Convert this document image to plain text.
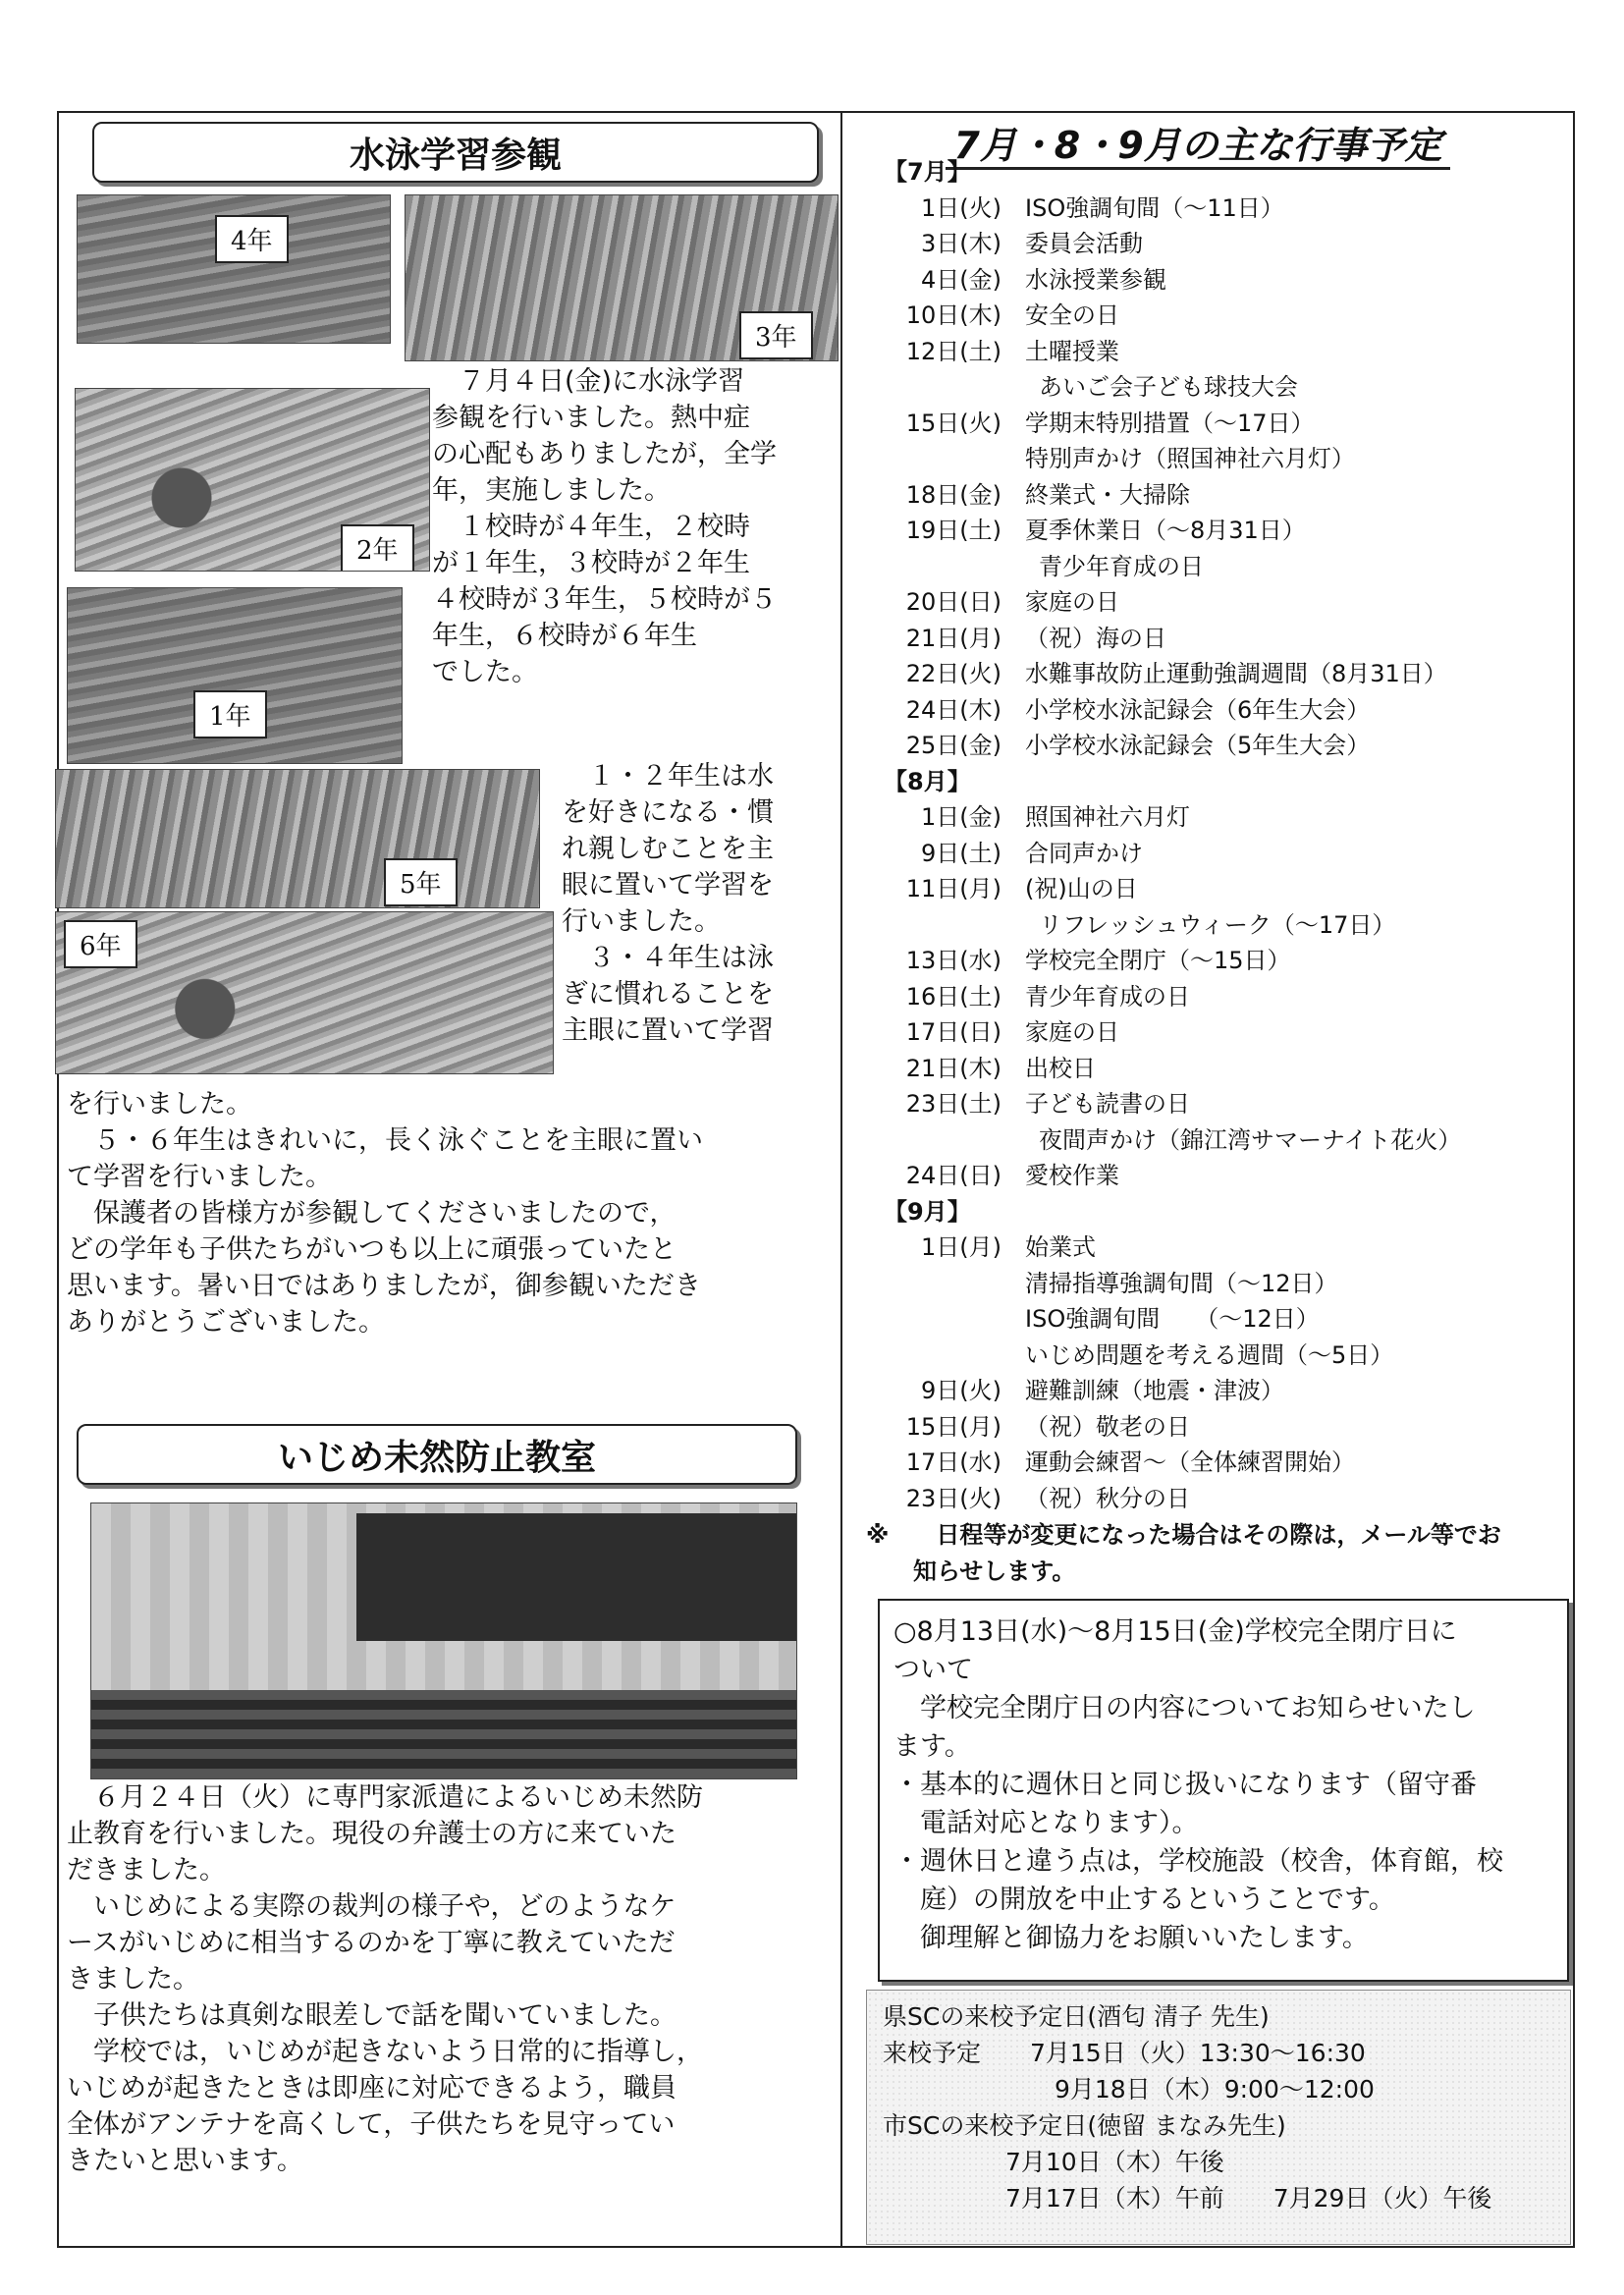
水泳学習参観
4年
3年
2年
1年
5年
6年
　７月４日(金)に水泳学習
参観を行いました。熱中症
の心配もありましたが，全学
年，実施しました。
　１校時が４年生，２校時
が１年生，３校時が２年生
４校時が３年生，５校時が５
年生，６校時が６年生
でした。
　１・２年生は水
を好きになる・慣
れ親しむことを主
眼に置いて学習を
行いました。
　３・４年生は泳
ぎに慣れることを
主眼に置いて学習
を行いました。
　５・６年生はきれいに，長く泳ぐことを主眼に置い
て学習を行いました。
　保護者の皆様方が参観してくださいましたので，
どの学年も子供たちがいつも以上に頑張っていたと
思います。暑い日ではありましたが，御参観いただき
ありがとうございました。
いじめ未然防止教室
　６月２４日（火）に専門家派遣によるいじめ未然防
止教育を行いました。現役の弁護士の方に来ていた
だきました。
　いじめによる実際の裁判の様子や，どのようなケ
ースがいじめに相当するのかを丁寧に教えていただ
きました。
　子供たちは真剣な眼差しで話を聞いていました。
　学校では，いじめが起きないよう日常的に指導し，
いじめが起きたときは即座に対応できるよう，職員
全体がアンテナを高くして，子供たちを見守ってい
きたいと思います。
7月・8・9月の主な行事予定
【7月】
1日(火)	ISO強調旬間（～11日）
3日(木)	委員会活動
4日(金)	水泳授業参観
10日(木)	安全の日
12日(土)	土曜授業
あいご会子ども球技大会
15日(火)	学期末特別措置（～17日）
特別声かけ（照国神社六月灯）
18日(金)	終業式・大掃除
19日(土)	夏季休業日（～8月31日）
青少年育成の日
20日(日)	家庭の日
21日(月)	（祝）海の日
22日(火)	水難事故防止運動強調週間（8月31日）
24日(木)	小学校水泳記録会（6年生大会）
25日(金)	小学校水泳記録会（5年生大会）
【8月】
1日(金)	照国神社六月灯
9日(土)	合同声かけ
11日(月)	(祝)山の日
リフレッシュウィーク（～17日）
13日(水)	学校完全閉庁（～15日）
16日(土)	青少年育成の日
17日(日)	家庭の日
21日(木)	出校日
23日(土)	子ども読書の日
夜間声かけ（錦江湾サマーナイト花火）
24日(日)	愛校作業
【9月】
1日(月)	始業式
清掃指導強調旬間（～12日）
ISO強調旬間　　（～12日）
いじめ問題を考える週間（～5日）
9日(火)	避難訓練（地震・津波）
15日(月)	（祝）敬老の日
17日(水)	運動会練習～（全体練習開始）
23日(火)	（祝）秋分の日
※　　日程等が変更になった場合はその際は，メール等でお
　　知らせします。
○8月13日(水)～8月15日(金)学校完全閉庁日に
ついて
　学校完全閉庁日の内容についてお知らせいたし
ます。
・基本的に週休日と同じ扱いになります（留守番
　電話対応となります）。
・週休日と違う点は，学校施設（校舎，体育館，校
　庭）の開放を中止するということです。
　御理解と御協力をお願いいたします。
県SCの来校予定日(酒匂 清子 先生)
来校予定　　7月15日（火）13:30～16:30
　　　　　　　9月18日（木）9:00～12:00
市SCの来校予定日(徳留 まなみ先生)
　　　　　7月10日（木）午後
　　　　　7月17日（木）午前　　7月29日（火）午後
